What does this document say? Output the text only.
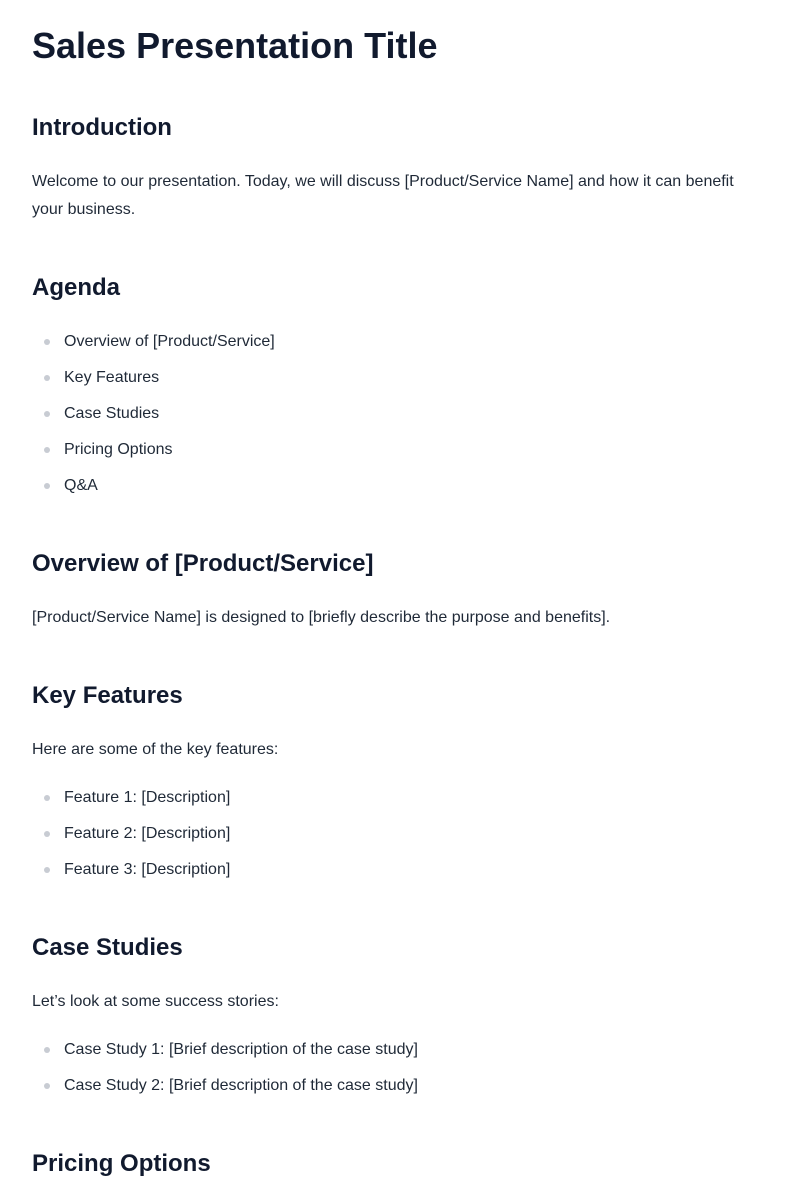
Sales Presentation Title
Introduction

Welcome to our presentation. Today, we will discuss [Product/Service Name] and how it can benefit your business.

Agenda
Overview of [Product/Service]
Key Features
Case Studies
Pricing Options
Q&A
Overview of [Product/Service]

[Product/Service Name] is designed to [briefly describe the purpose and benefits].

Key Features

Here are some of the key features:

Feature 1: [Description]
Feature 2: [Description]
Feature 3: [Description]
Case Studies

Let’s look at some success stories:

Case Study 1: [Brief description of the case study]
Case Study 2: [Brief description of the case study]
Pricing Options
